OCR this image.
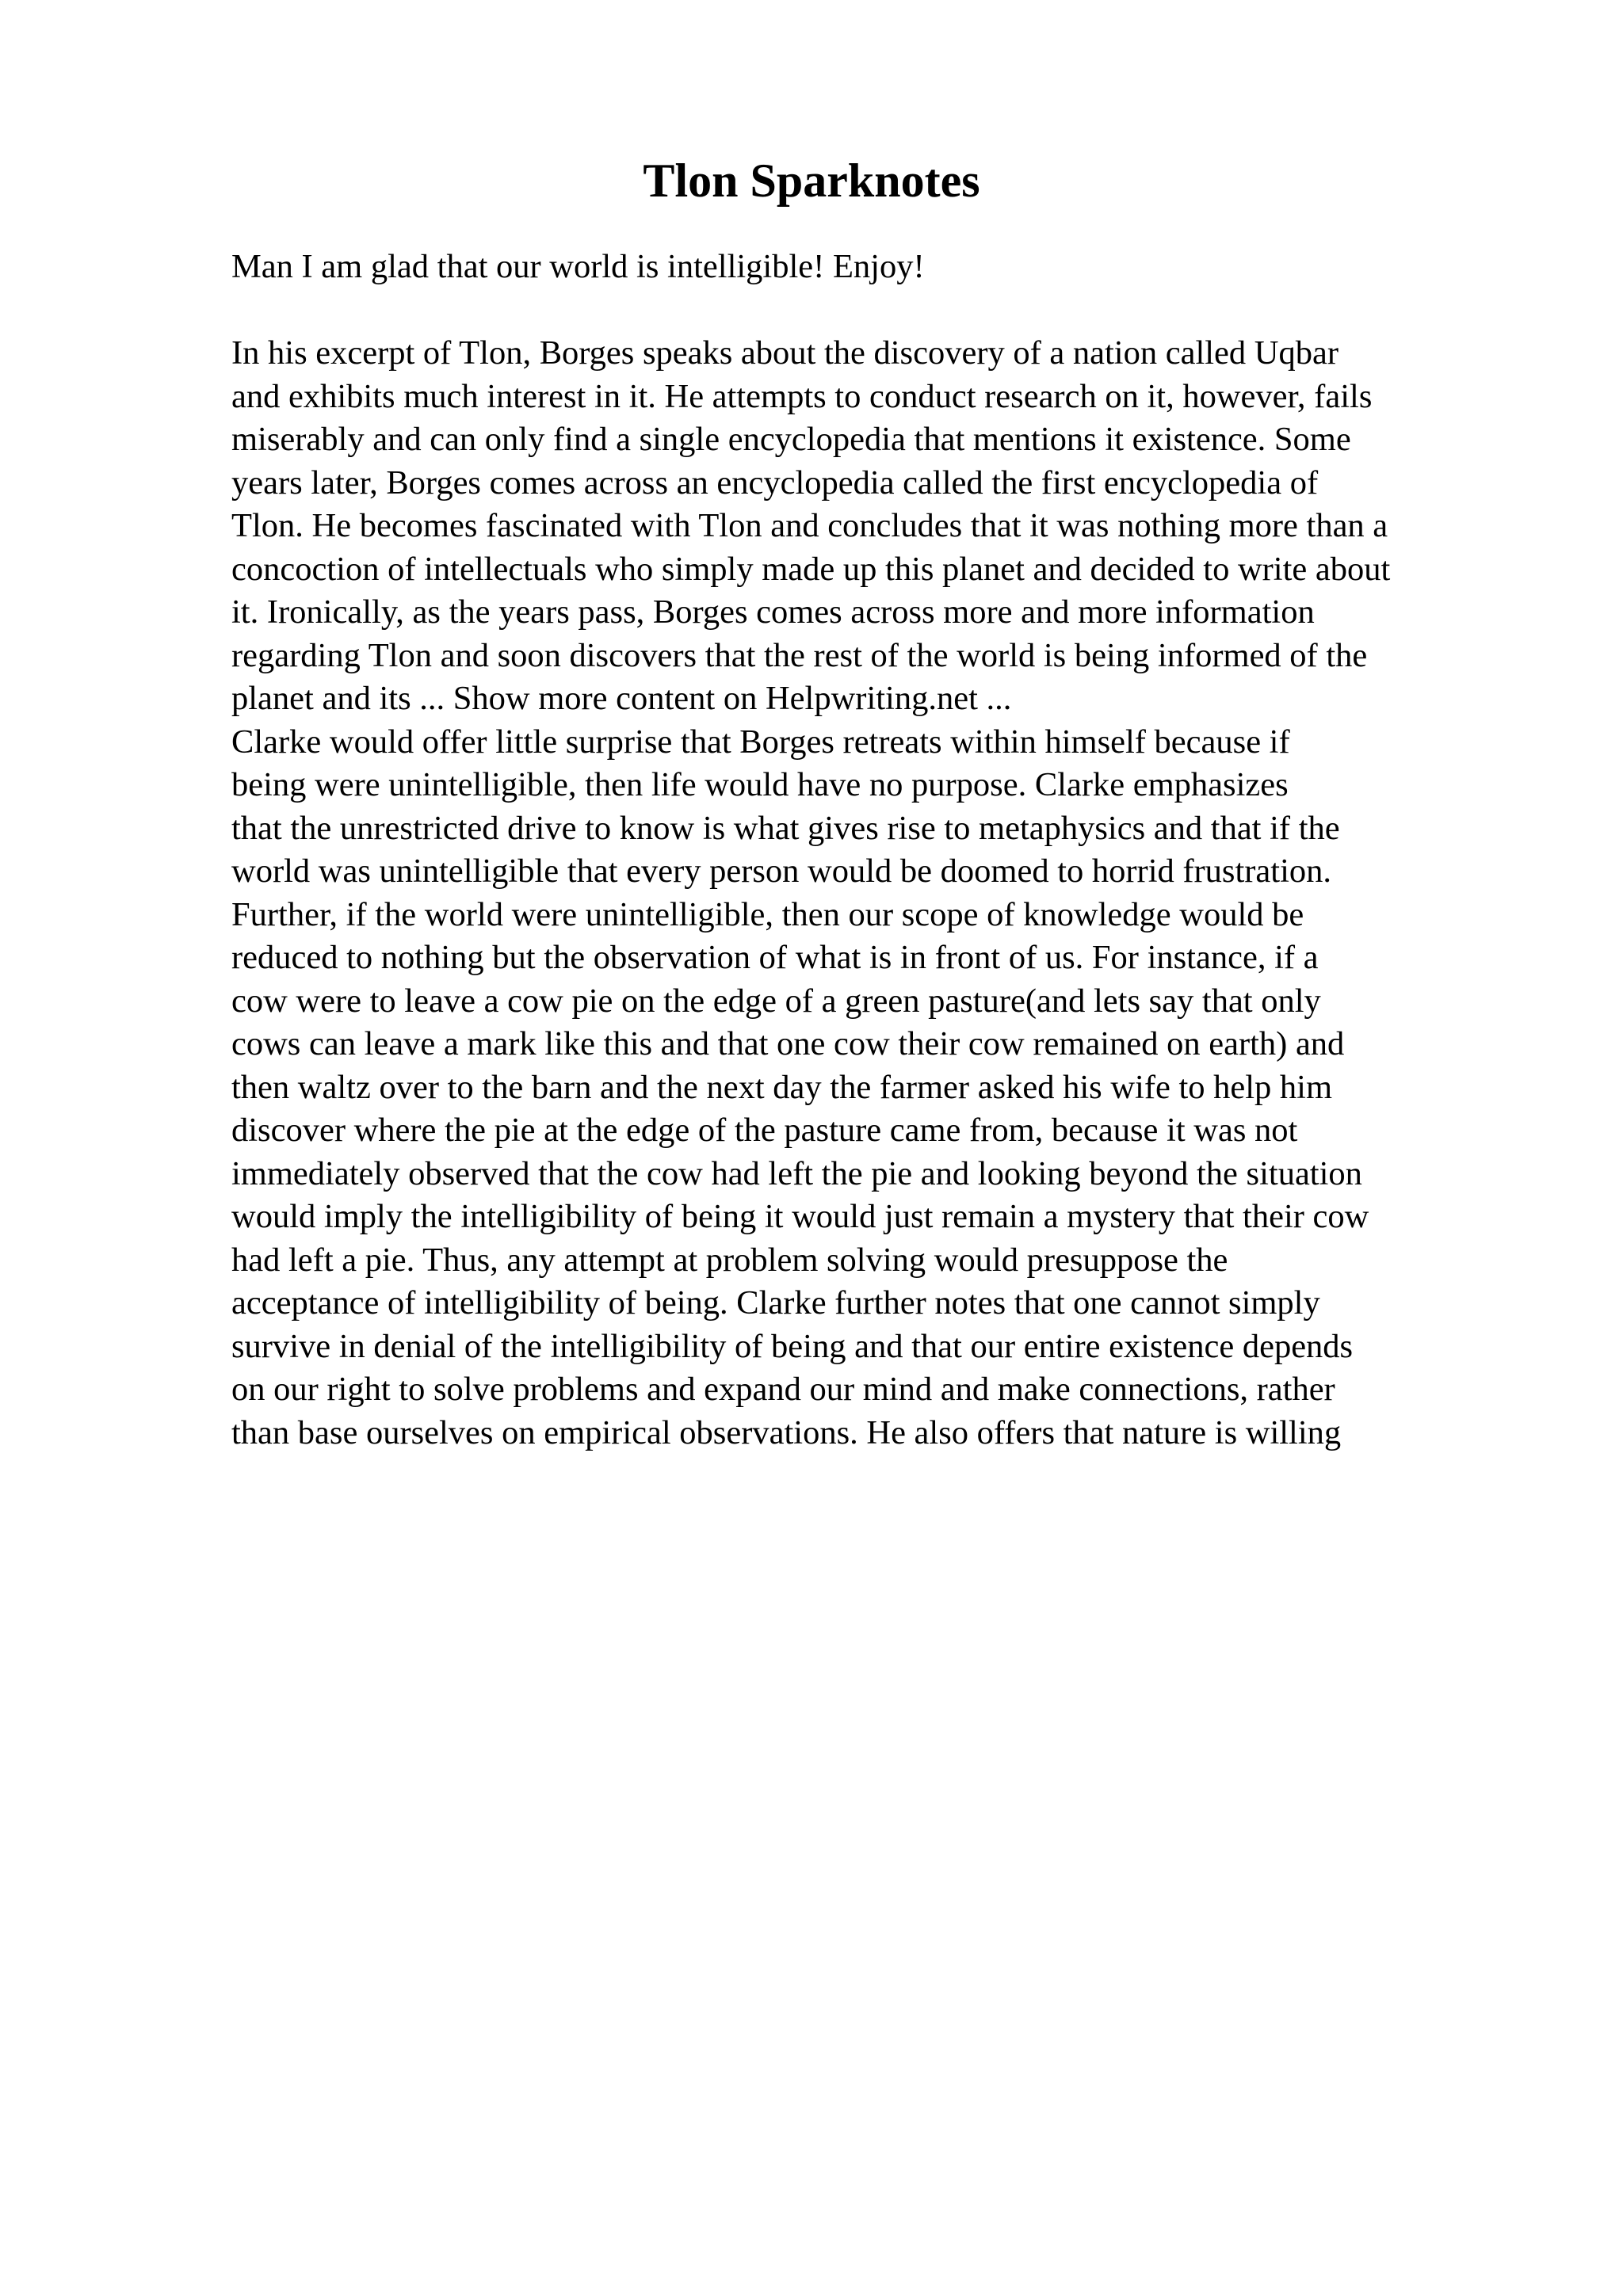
Tlon Sparknotes

Man I am glad that our world is intelligible! Enjoy!

In his excerpt of Tlon, Borges speaks about the discovery of a nation called Uqbar
and exhibits much interest in it. He attempts to conduct research on it, however, fails
miserably and can only find a single encyclopedia that mentions it existence. Some
years later, Borges comes across an encyclopedia called the first encyclopedia of
Tlon. He becomes fascinated with Tlon and concludes that it was nothing more than a
concoction of intellectuals who simply made up this planet and decided to write about
it. Ironically, as the years pass, Borges comes across more and more information
regarding Tlon and soon discovers that the rest of the world is being informed of the
planet and its ... Show more content on Helpwriting.net ...

Clarke would offer little surprise that Borges retreats within himself because if
being were unintelligible, then life would have no purpose. Clarke emphasizes
that the unrestricted drive to know is what gives rise to metaphysics and that if the
world was unintelligible that every person would be doomed to horrid frustration.
Further, if the world were unintelligible, then our scope of knowledge would be
reduced to nothing but the observation of what is in front of us. For instance, if a
cow were to leave a cow pie on the edge of a green pasture(and lets say that only
cows can leave a mark like this and that one cow their cow remained on earth) and
then waltz over to the barn and the next day the farmer asked his wife to help him
discover where the pie at the edge of the pasture came from, because it was not
immediately observed that the cow had left the pie and looking beyond the situation
would imply the intelligibility of being it would just remain a mystery that their cow
had left a pie. Thus, any attempt at problem solving would presuppose the
acceptance of intelligibility of being. Clarke further notes that one cannot simply
survive in denial of the intelligibility of being and that our entire existence depends
on our right to solve problems and expand our mind and make connections, rather
than base ourselves on empirical observations. He also offers that nature is willing
